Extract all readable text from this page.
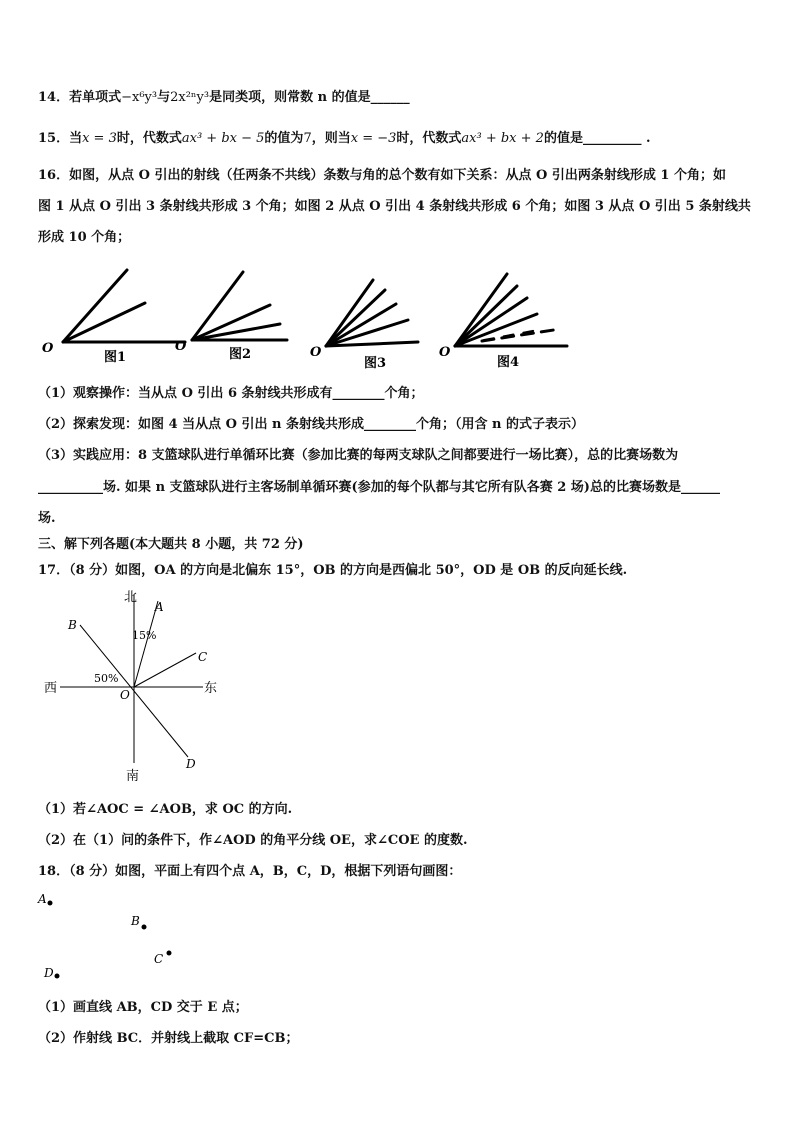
14．若单项式−x⁶y³与2x²ⁿy³是同类项，则常数 n 的值是______
15．当x = 3时，代数式ax³ + bx − 5的值为7，则当x = −3时，代数式ax³ + bx + 2的值是_________ .
16．如图，从点 O 引出的射线（任两条不共线）条数与角的总个数有如下关系：从点 O 引出两条射线形成 1 个角；如
图 1 从点 O 引出 3 条射线共形成 3 个角；如图 2 从点 O 引出 4 条射线共形成 6 个角；如图 3 从点 O 引出 5 条射线共
形成 10 个角；
O	O	O	O
图1	图2
图3	图4
（1）观察操作：当从点 O 引出 6 条射线共形成有________个角；
（2）探索发现：如图 4 当从点 O 引出 n 条射线共形成________个角；（用含 n 的式子表示）
（3）实践应用：8 支篮球队进行单循环比赛（参加比赛的每两支球队之间都要进行一场比赛），总的比赛场数为
__________场. 如果 n 支篮球队进行主客场制单循环赛(参加的每个队都与其它所有队各赛 2 场)总的比赛场数是______
场.
三、解下列各题(本大题共 8 小题，共 72 分)
17．（8 分）如图，OA 的方向是北偏东 15°，OB 的方向是西偏北 50°，OD 是 OB 的反向延长线.
北
南
西	东
A
B
C
D
O
15%
50%
（1）若∠AOC = ∠AOB，求 OC 的方向.
（2）在（1）问的条件下，作∠AOD 的角平分线 OE，求∠COE 的度数.
18．（8 分）如图，平面上有四个点 A，B，C，D，根据下列语句画图：
A
B
C
D
（1）画直线 AB，CD 交于 E 点；
（2）作射线 BC．并射线上截取 CF=CB；
